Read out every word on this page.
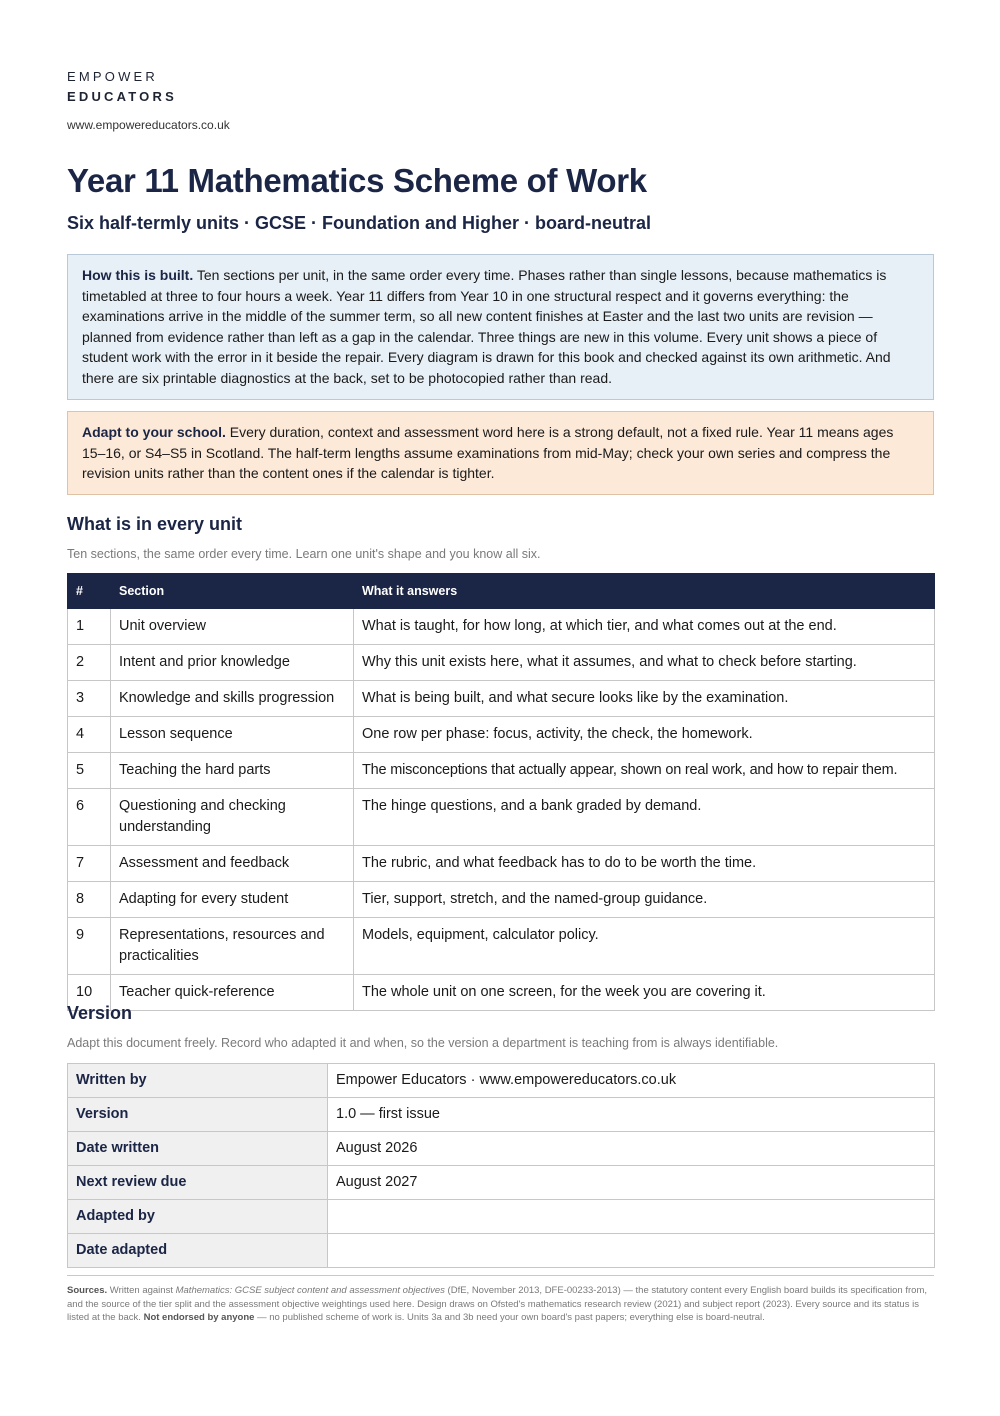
EMPOWER
EDUCATORS
www.empowereducators.co.uk
Year 11 Mathematics Scheme of Work
Six half-termly units · GCSE · Foundation and Higher · board-neutral
How this is built. Ten sections per unit, in the same order every time. Phases rather than single lessons, because mathematics is timetabled at three to four hours a week. Year 11 differs from Year 10 in one structural respect and it governs everything: the examinations arrive in the middle of the summer term, so all new content finishes at Easter and the last two units are revision — planned from evidence rather than left as a gap in the calendar. Three things are new in this volume. Every unit shows a piece of student work with the error in it beside the repair. Every diagram is drawn for this book and checked against its own arithmetic. And there are six printable diagnostics at the back, set to be photocopied rather than read.
Adapt to your school. Every duration, context and assessment word here is a strong default, not a fixed rule. Year 11 means ages 15–16, or S4–S5 in Scotland. The half-term lengths assume examinations from mid-May; check your own series and compress the revision units rather than the content ones if the calendar is tighter.
What is in every unit
Ten sections, the same order every time. Learn one unit's shape and you know all six.
#	Section	What it answers
1	Unit overview	What is taught, for how long, at which tier, and what comes out at the end.
2	Intent and prior knowledge	Why this unit exists here, what it assumes, and what to check before starting.
3	Knowledge and skills progression	What is being built, and what secure looks like by the examination.
4	Lesson sequence	One row per phase: focus, activity, the check, the homework.
5	Teaching the hard parts	The misconceptions that actually appear, shown on real work, and how to repair them.
6	Questioning and checking understanding	The hinge questions, and a bank graded by demand.
7	Assessment and feedback	The rubric, and what feedback has to do to be worth the time.
8	Adapting for every student	Tier, support, stretch, and the named-group guidance.
9	Representations, resources and practicalities	Models, equipment, calculator policy.
10	Teacher quick-reference	The whole unit on one screen, for the week you are covering it.
Version
Adapt this document freely. Record who adapted it and when, so the version a department is teaching from is always identifiable.
Written by	Empower Educators · www.empowereducators.co.uk
Version	1.0 — first issue
Date written	August 2026
Next review due	August 2027
Adapted by	
Date adapted	
Sources. Written against Mathematics: GCSE subject content and assessment objectives (DfE, November 2013, DFE-00233-2013) — the statutory content every English board builds its specification from, and the source of the tier split and the assessment objective weightings used here. Design draws on Ofsted's mathematics research review (2021) and subject report (2023). Every source and its status is listed at the back. Not endorsed by anyone — no published scheme of work is. Units 3a and 3b need your own board's past papers; everything else is board-neutral.
